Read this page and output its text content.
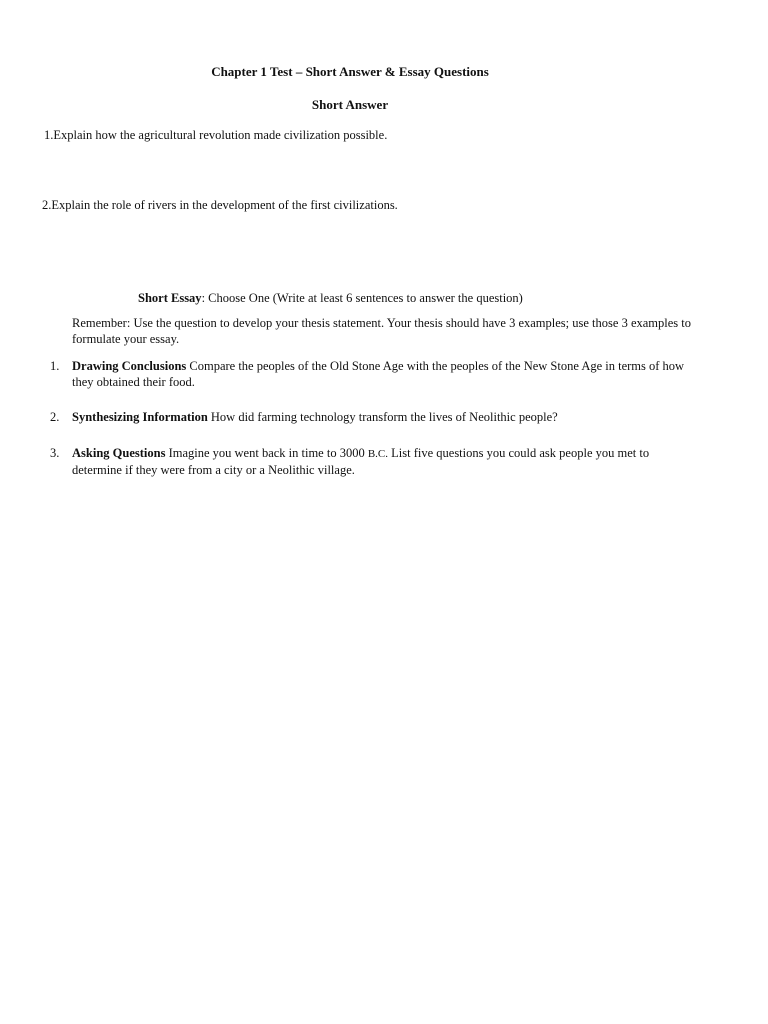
Chapter 1 Test – Short Answer & Essay Questions
Short Answer
1.Explain how the agricultural revolution made civilization possible.
2.Explain the role of rivers in the development of the first civilizations.
Short Essay: Choose One (Write at least 6 sentences to answer the question)
Remember: Use the question to develop your thesis statement. Your thesis should have 3 examples; use those 3 examples to formulate your essay.
1. Drawing Conclusions Compare the peoples of the Old Stone Age with the peoples of the New Stone Age in terms of how they obtained their food.
2. Synthesizing Information How did farming technology transform the lives of Neolithic people?
3. Asking Questions Imagine you went back in time to 3000 B.C. List five questions you could ask people you met to determine if they were from a city or a Neolithic village.
